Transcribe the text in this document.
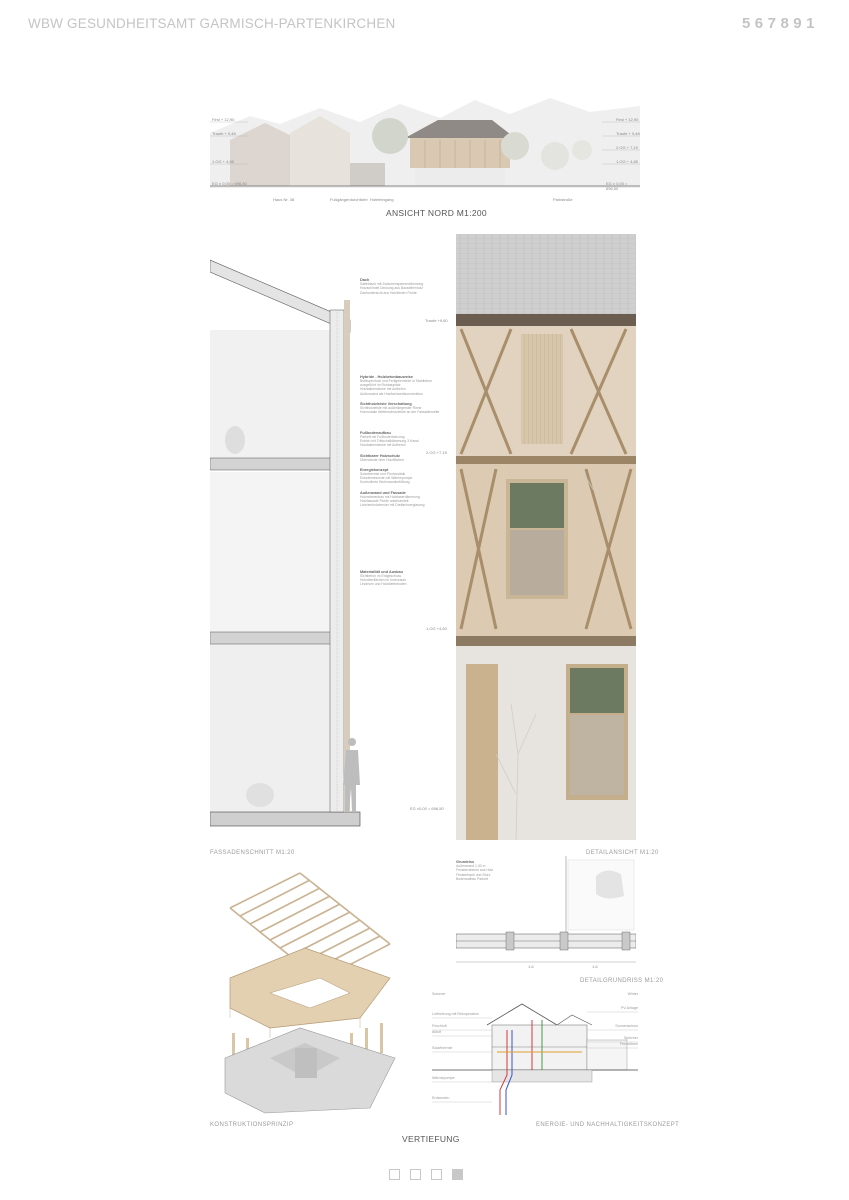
WBW GESUNDHEITSAMT GARMISCH-PARTENKIRCHEN	567891
First + 12,90
Traufe + 9,48
1.OG + 4,65
EG ± 0,00 = 696,50
First + 12,90
Traufe + 9,48
2.OG + 7,19
1.OG + 4,65
EG ± 0,00 = 696,50
Haus Nr. 38	Fußgängerdurchfahrt Hoteleingang	Parkstraße
ANSICHT NORD M1:200
Traufe +9,60
2.OG +7,15
1.OG +4,60
EG ±0,00 = 696,50
Dach
Satteldach mit Zwischensparrendämmung
Holzschindel Deckung aus Baustellenholz
Dachuntersicht aus Holzleisten Fichte
Hybride - Holzbetonbauweise
Brettsperrholz und Fertigelemente in Stahlbeton
ausgeführt im Rohbauplatz
Holzbalkendecke mit Aufbeton
Außenwand als Holzfachwerkkonstruktion
Sichtholzleiste Verschattung
Sichtholzleiste mit außenliegender Rinne
Horizontale Wetterschutzleiste an der Fassadenseite
Fußbodenaufbau
Parkett mit Fußbodenheizung
Estrich mit Trittschalldämmung 3 Kanal
Holzbalkendecke mit Aufbeton
Sichtbarer Holzschutz
Überstände über Holzflächen
Energiekonzept
Solarthermie und Photovoltaik
Erdwärmesonde mit Wärmepumpe
Kontrollierte Wohnraumbelüftung
Außenwand und Fassade
Holzrahmenbau mit Holzfaserdämmung
Holzfassade Fichte unbehandelt
Lärchenholzfenster mit Dreifachverglasung
Materialität und Ausbau
Sichtbeton im Erdgeschoss
Holzoberflächen im Innenraum
Linoleum und Holzdielenboden
FASSADENSCHNITT M1:20	DETAILANSICHT M1:20
Grundriss
Außenwand 1,30 m
Fensterrahmen aus Holz
Fensterbank und Sturz
Bodenaufbau Parkett
1,6	1,6
DETAILGRUNDRISS M1:20
KONSTRUKTIONSPRINZIP
Sommer	Winter
Luftheizung mit Rekuperation
Frischluft
Abluft
Solarthermie
Wärmepumpe
Erdsonden
PV-Anlage
Sonnenschutz
Speicher
Fernwärme
ENERGIE- UND NACHHALTIGKEITSKONZEPT
VERTIEFUNG
